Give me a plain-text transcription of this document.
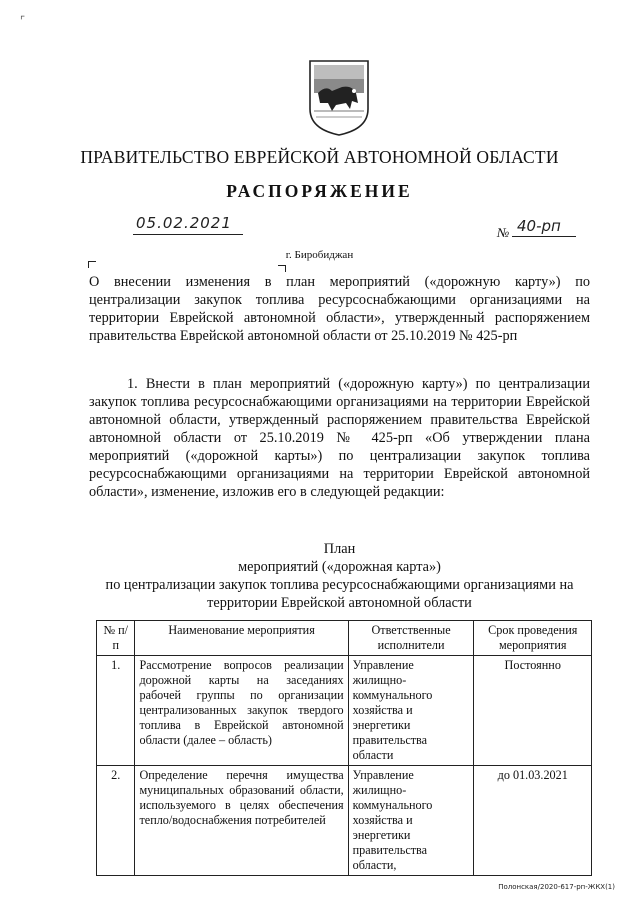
⌜
ПРАВИТЕЛЬСТВО ЕВРЕЙСКОЙ АВТОНОМНОЙ ОБЛАСТИ
РАСПОРЯЖЕНИЕ
05.02.2021
№ 40-рп
г. Биробиджан

О внесении изменения в план мероприятий («дорожную карту») по централизации закупок топлива ресурсоснабжающими организациями на территории Еврейской автономной области», утвержденный распоряжением правительства Еврейской автономной области от 25.10.2019 № 425-рп

1. Внести в план мероприятий («дорожную карту») по централизации закупок топлива ресурсоснабжающими организациями на территории Еврейской автономной области, утвержденный распоряжением правительства Еврейской автономной области от 25.10.2019 № 425-рп «Об утверждении плана мероприятий («дорожной карты») по централизации закупок топлива ресурсоснабжающими организациями на территории Еврейской автономной области», изменение, изложив его в следующей редакции:

План
мероприятий («дорожная карта»)
по централизации закупок топлива ресурсоснабжающими организациями на
территории Еврейской автономной области
№ п/п	Наименование мероприятия	Ответственные исполнители	Срок проведения мероприятия
1.	Рассмотрение вопросов реализации дорожной карты на заседаниях рабочей группы по организации централизованных закупок твердого топлива в Еврейской автономной области (далее – область)	Управление жилищно-коммунального хозяйства и энергетики правительства области	Постоянно
2.	Определение перечня имущества муниципальных образований области, используемого в целях обеспечения тепло/водоснабжения потребителей	Управление жилищно-коммунального хозяйства и энергетики правительства области,	до 01.03.2021
Полонская/2020-617-рп-ЖКХ(1)
